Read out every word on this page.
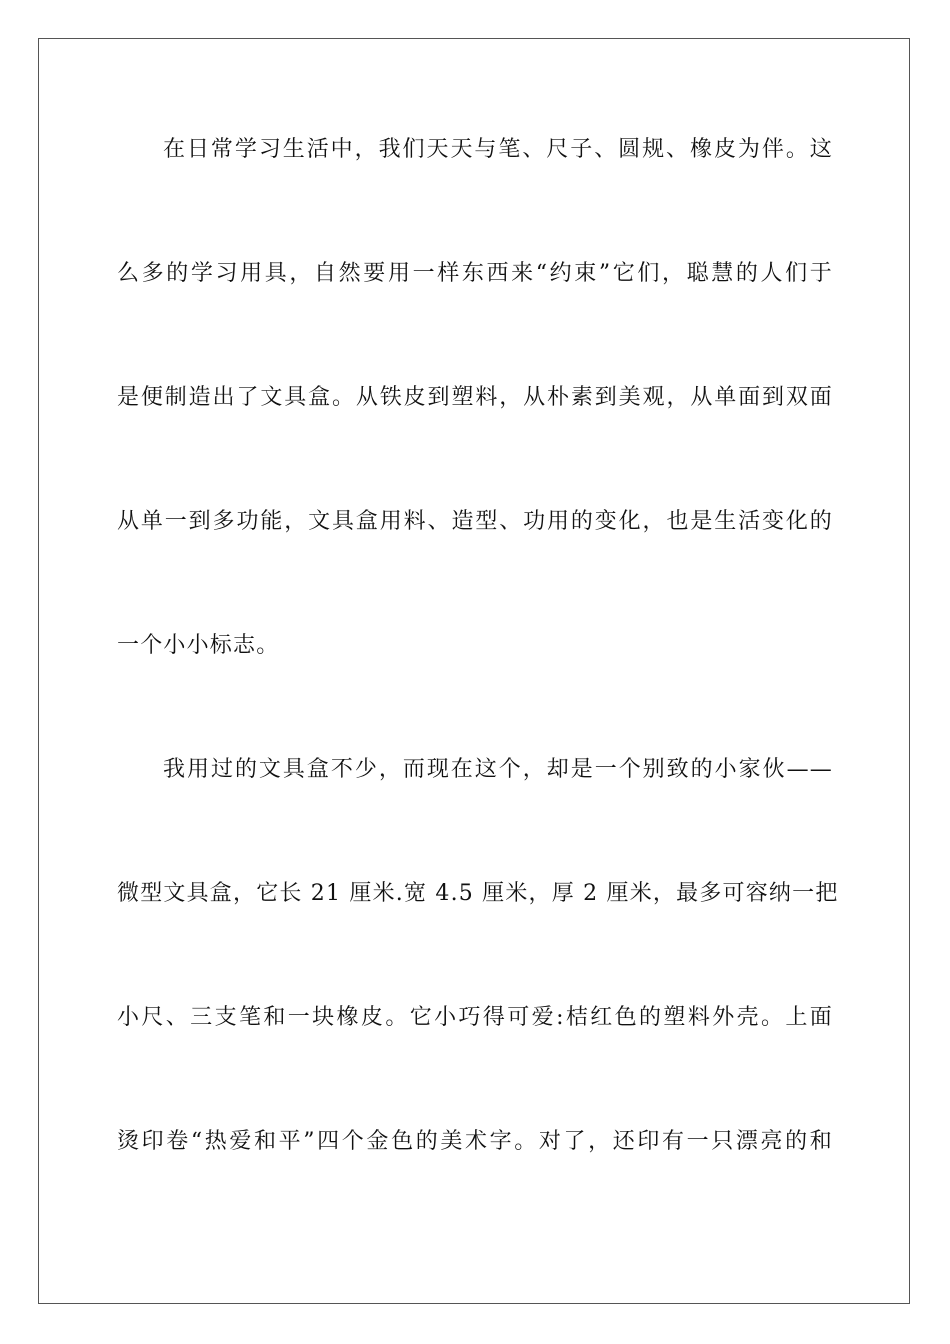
在日常学习生活中，我们天天与笔、尺子、圆规、橡皮为伴。这
么多的学习用具，自然要用一样东西来“约束”它们，聪慧的人们于
是便制造出了文具盒。从铁皮到塑料，从朴素到美观，从单面到双面
从单一到多功能，文具盒用料、造型、功用的变化，也是生活变化的
一个小小标志。
我用过的文具盒不少，而现在这个，却是一个别致的小家伙——
微型文具盒，它长 21 厘米.宽 4.5 厘米，厚 2 厘米，最多可容纳一把
小尺、三支笔和一块橡皮。它小巧得可爱:桔红色的塑料外壳。上面
烫印卷“热爱和平”四个金色的美术字。对了，还印有一只漂亮的和
